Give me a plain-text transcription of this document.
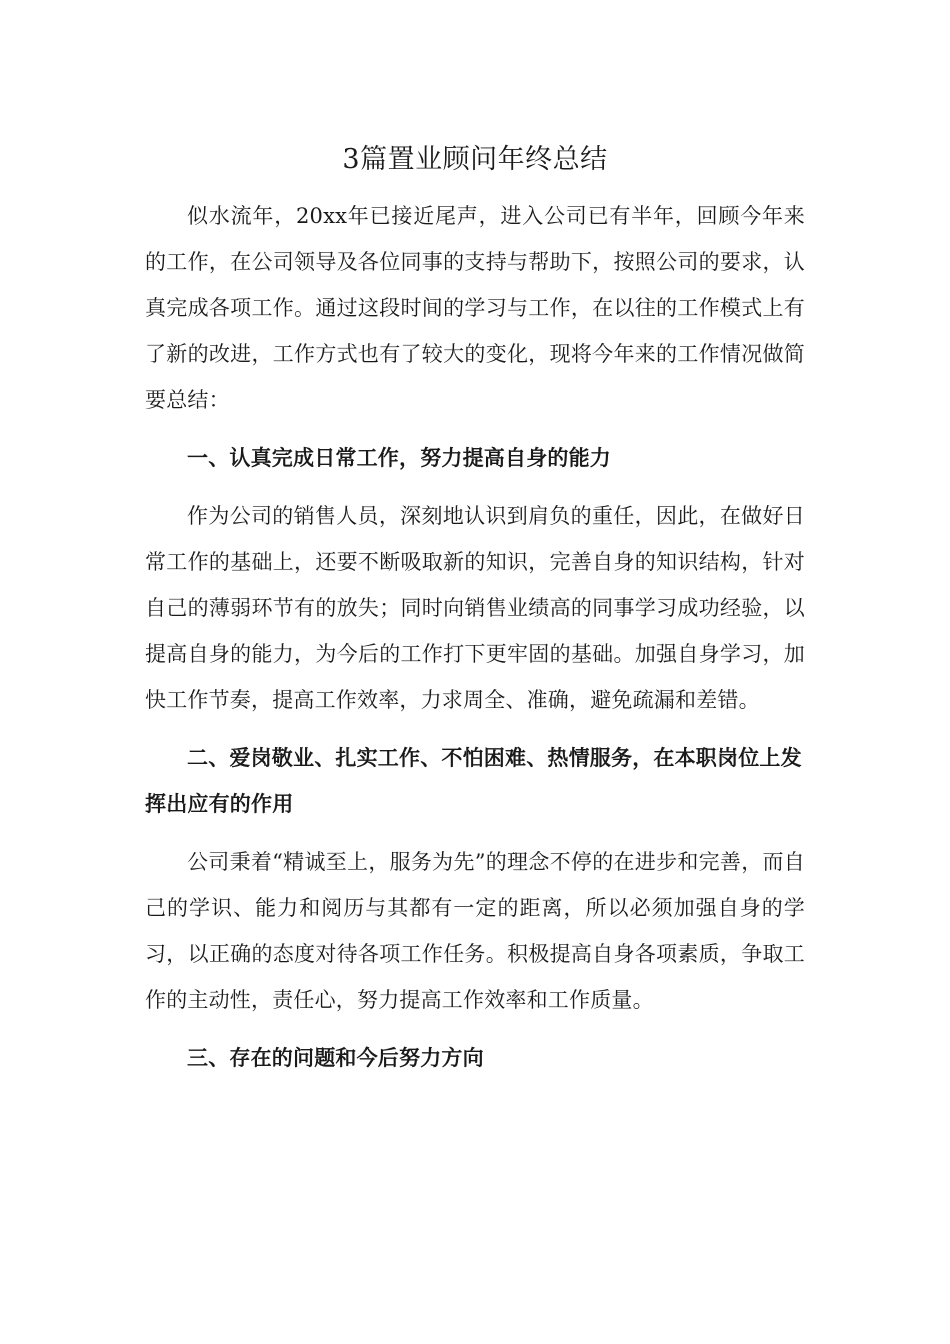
3篇置业顾问年终总结

似水流年，20xx年已接近尾声，进入公司已有半年，回顾今年来的工作，在公司领导及各位同事的支持与帮助下，按照公司的要求，认真完成各项工作。通过这段时间的学习与工作，在以往的工作模式上有了新的改进，工作方式也有了较大的变化，现将今年来的工作情况做简要总结：

一、认真完成日常工作，努力提高自身的能力

作为公司的销售人员，深刻地认识到肩负的重任，因此，在做好日常工作的基础上，还要不断吸取新的知识，完善自身的知识结构，针对自己的薄弱环节有的放失；同时向销售业绩高的同事学习成功经验，以提高自身的能力，为今后的工作打下更牢固的基础。加强自身学习，加快工作节奏，提高工作效率，力求周全、准确，避免疏漏和差错。

二、爱岗敬业、扎实工作、不怕困难、热情服务，在本职岗位上发挥出应有的作用

公司秉着“精诚至上，服务为先”的理念不停的在进步和完善，而自己的学识、能力和阅历与其都有一定的距离，所以必须加强自身的学习，以正确的态度对待各项工作任务。积极提高自身各项素质，争取工作的主动性，责任心，努力提高工作效率和工作质量。

三、存在的问题和今后努力方向
